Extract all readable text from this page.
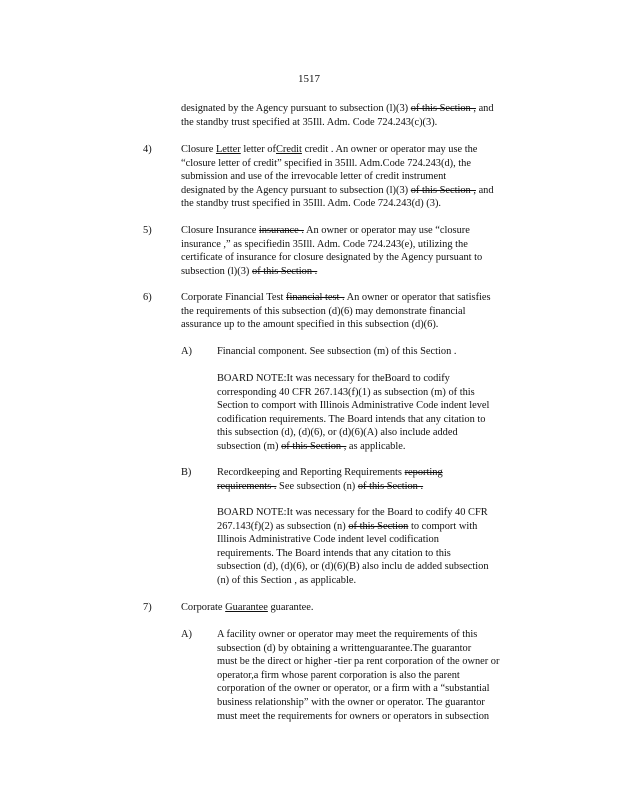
1517
designated by the Agency pursuant to subsection (l)(3) of this Section , and
the standby trust specified at 35Ill. Adm. Code 724.243(c)(3).
4)	Closure Letter letter ofCredit credit . An owner or operator may use the
“closure letter of credit” specified in 35Ill. Adm.Code 724.243(d), the
submission and use of the irrevocable letter of credit instrument
designated by the Agency pursuant to subsection (l)(3) of this Section , and
the standby trust specified in 35Ill. Adm. Code 724.243(d) (3).
5)	Closure Insurance insurance . An owner or operator may use “closure
insurance ,” as specifiedin 35Ill. Adm. Code 724.243(e), utilizing the
certificate of insurance for closure designated by the Agency pursuant to
subsection (l)(3) of this Section .
6)	Corporate Financial Test financial test . An owner or operator that satisfies
the requirements of this subsection (d)(6) may demonstrate financial
assurance up to the amount specified in this subsection (d)(6).
A) Financial component. See subsection (m) of this Section .
BOARD NOTE:It was necessary for theBoard to codify
corresponding 40 CFR 267.143(f)(1) as subsection (m) of this
Section to comport with Illinois Administrative Code indent level
codification requirements. The Board intends that any citation to
this subsection (d), (d)(6), or (d)(6)(A) also include added
subsection (m) of this Section , as applicable.
B) Recordkeeping and Reporting Requirements reporting
requirements . See subsection (n) of this Section .
BOARD NOTE:It was necessary for the Board to codify 40 CFR
267.143(f)(2) as subsection (n) of this Section to comport with
Illinois Administrative Code indent level codification
requirements. The Board intends that any citation to this
subsection (d), (d)(6), or (d)(6)(B) also inclu de added subsection
(n) of this Section , as applicable.
7)	Corporate Guarantee guarantee.
A) A facility owner or operator may meet the requirements of this
subsection (d) by obtaining a writtenguarantee.The guarantor
must be the direct or higher -tier pa rent corporation of the owner or
operator,a firm whose parent corporation is also the parent
corporation of the owner or operator, or a firm with a “substantial
business relationship” with the owner or operator. The guarantor
must meet the requirements for owners or operators in subsection
